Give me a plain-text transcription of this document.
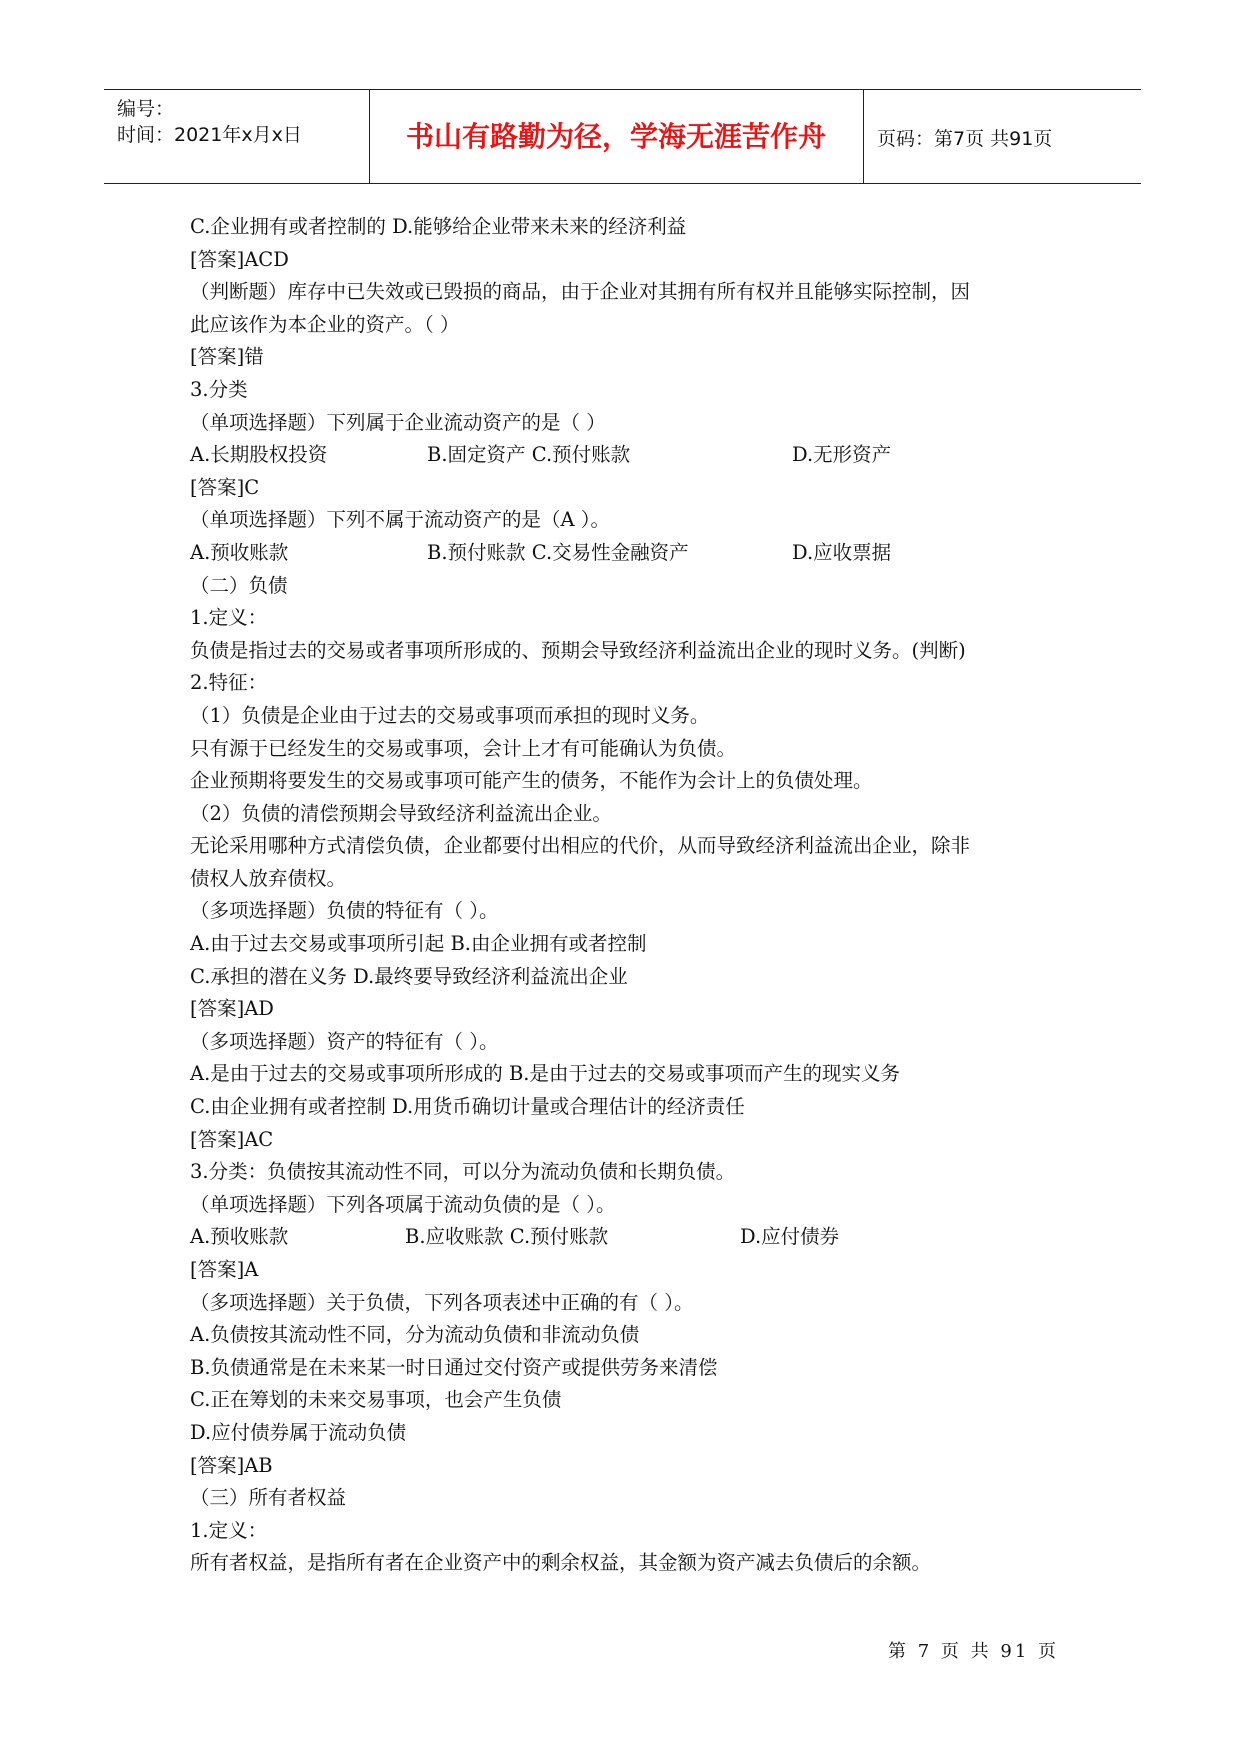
编号：
时间：2021年x月x日	书山有路勤为径，学海无涯苦作舟	页码：第7页 共91页
C.企业拥有或者控制的 D.能够给企业带来未来的经济利益
[答案]ACD
（判断题）库存中已失效或已毁损的商品，由于企业对其拥有所有权并且能够实际控制，因
此应该作为本企业的资产。（ ）
[答案]错
3.分类
（单项选择题）下列属于企业流动资产的是（ ）
A.长期股权投资	B.固定资产 C.预付账款	D.无形资产
[答案]C
（单项选择题）下列不属于流动资产的是（A ）。
A.预收账款	B.预付账款 C.交易性金融资产	D.应收票据
（二）负债
1.定义：
负债是指过去的交易或者事项所形成的、预期会导致经济利益流出企业的现时义务。(判断)
2.特征：
（1）负债是企业由于过去的交易或事项而承担的现时义务。
只有源于已经发生的交易或事项，会计上才有可能确认为负债。
企业预期将要发生的交易或事项可能产生的债务，不能作为会计上的负债处理。
（2）负债的清偿预期会导致经济利益流出企业。
无论采用哪种方式清偿负债，企业都要付出相应的代价，从而导致经济利益流出企业，除非
债权人放弃债权。
（多项选择题）负债的特征有（ ）。
A.由于过去交易或事项所引起 B.由企业拥有或者控制
C.承担的潜在义务 D.最终要导致经济利益流出企业
[答案]AD
（多项选择题）资产的特征有（ ）。
A.是由于过去的交易或事项所形成的 B.是由于过去的交易或事项而产生的现实义务
C.由企业拥有或者控制 D.用货币确切计量或合理估计的经济责任
[答案]AC
3.分类：负债按其流动性不同，可以分为流动负债和长期负债。
（单项选择题）下列各项属于流动负债的是（ ）。
A.预收账款	B.应收账款 C.预付账款	D.应付债券
[答案]A
（多项选择题）关于负债，下列各项表述中正确的有（ ）。
A.负债按其流动性不同，分为流动负债和非流动负债
B.负债通常是在未来某一时日通过交付资产或提供劳务来清偿
C.正在筹划的未来交易事项，也会产生负债
D.应付债券属于流动负债
[答案]AB
（三）所有者权益
1.定义：
所有者权益，是指所有者在企业资产中的剩余权益，其金额为资产减去负债后的余额。
第 7 页 共 91 页
